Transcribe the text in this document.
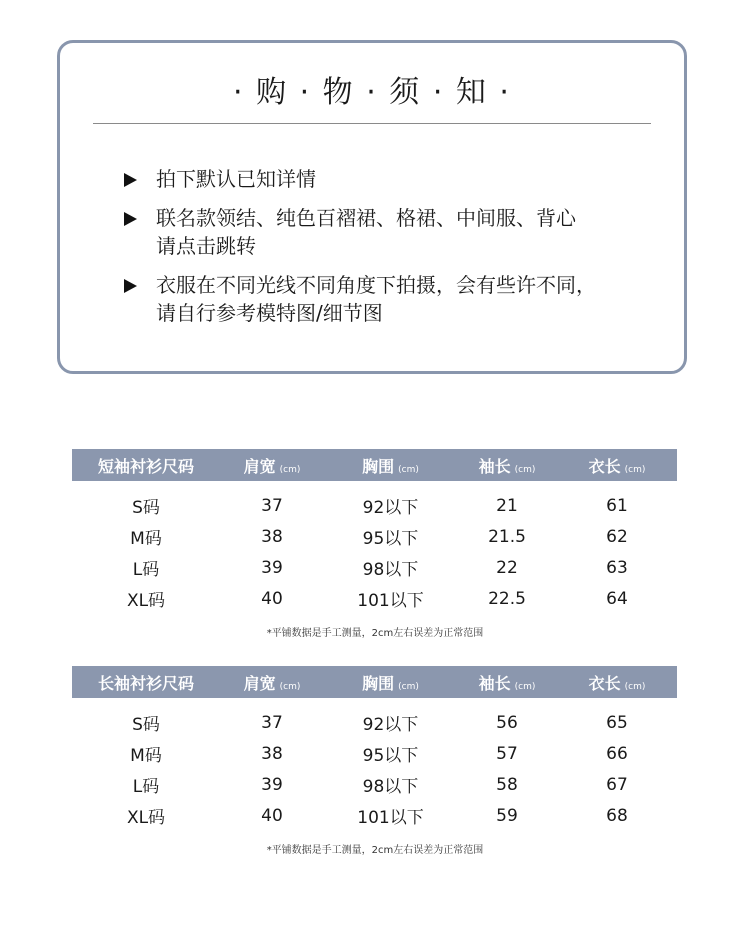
· 购 · 物 · 须 · 知 ·
拍下默认已知详情
联名款领结、纯色百褶裙、格裙、中间服、背心
请点击跳转
衣服在不同光线不同角度下拍摄，会有些许不同，
请自行参考模特图/细节图
短袖衬衫尺码	肩宽 (cm)	胸围 (cm)	袖长 (cm)	衣长 (cm)

S码	37	92以下	21	61
M码	38	95以下	21.5	62
L码	39	98以下	22	63
XL码	40	101以下	22.5	64
*平铺数据是手工测量，2cm左右误差为正常范围
长袖衬衫尺码	肩宽 (cm)	胸围 (cm)	袖长 (cm)	衣长 (cm)

S码	37	92以下	56	65
M码	38	95以下	57	66
L码	39	98以下	58	67
XL码	40	101以下	59	68
*平铺数据是手工测量，2cm左右误差为正常范围
